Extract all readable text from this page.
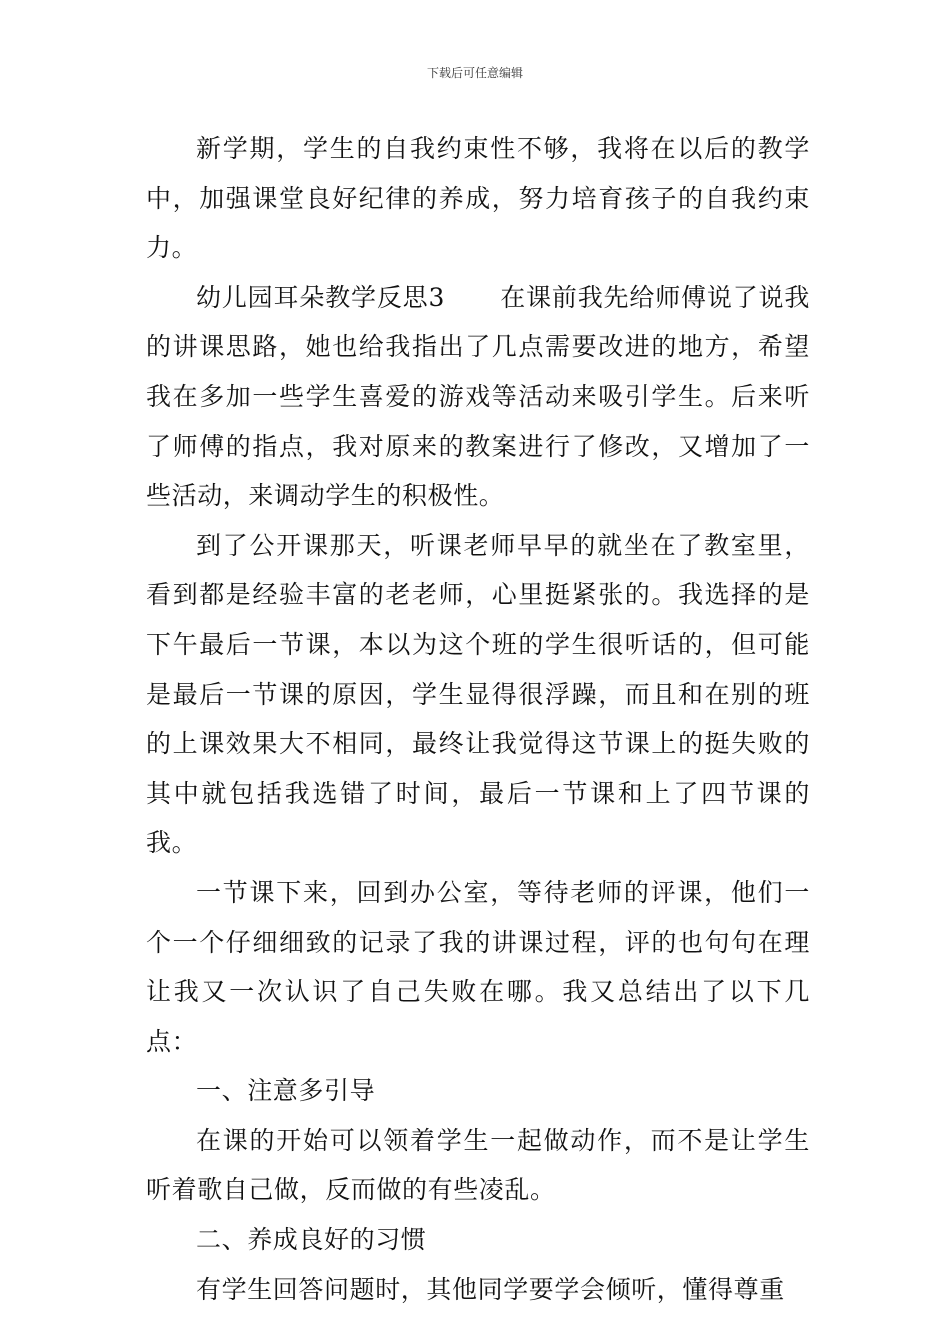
下载后可任意编辑

新学期，学生的自我约束性不够，我将在以后的教学中，加强课堂良好纪律的养成，努力培育孩子的自我约束力。

幼儿园耳朵教学反思3 在课前我先给师傅说了说我的讲课思路，她也给我指出了几点需要改进的地方，希望我在多加一些学生喜爱的游戏等活动来吸引学生。后来听了师傅的指点，我对原来的教案进行了修改，又增加了一些活动，来调动学生的积极性。

到了公开课那天，听课老师早早的就坐在了教室里，看到都是经验丰富的老老师，心里挺紧张的。我选择的是下午最后一节课，本以为这个班的学生很听话的，但可能是最后一节课的原因，学生显得很浮躁，而且和在别的班的上课效果大不相同，最终让我觉得这节课上的挺失败的其中就包括我选错了时间，最后一节课和上了四节课的我。

一节课下来，回到办公室，等待老师的评课，他们一个一个仔细细致的记录了我的讲课过程，评的也句句在理让我又一次认识了自己失败在哪。我又总结出了以下几点：

一、注意多引导

在课的开始可以领着学生一起做动作，而不是让学生听着歌自己做，反而做的有些凌乱。

二、养成良好的习惯

有学生回答问题时，其他同学要学会倾听，懂得尊重
